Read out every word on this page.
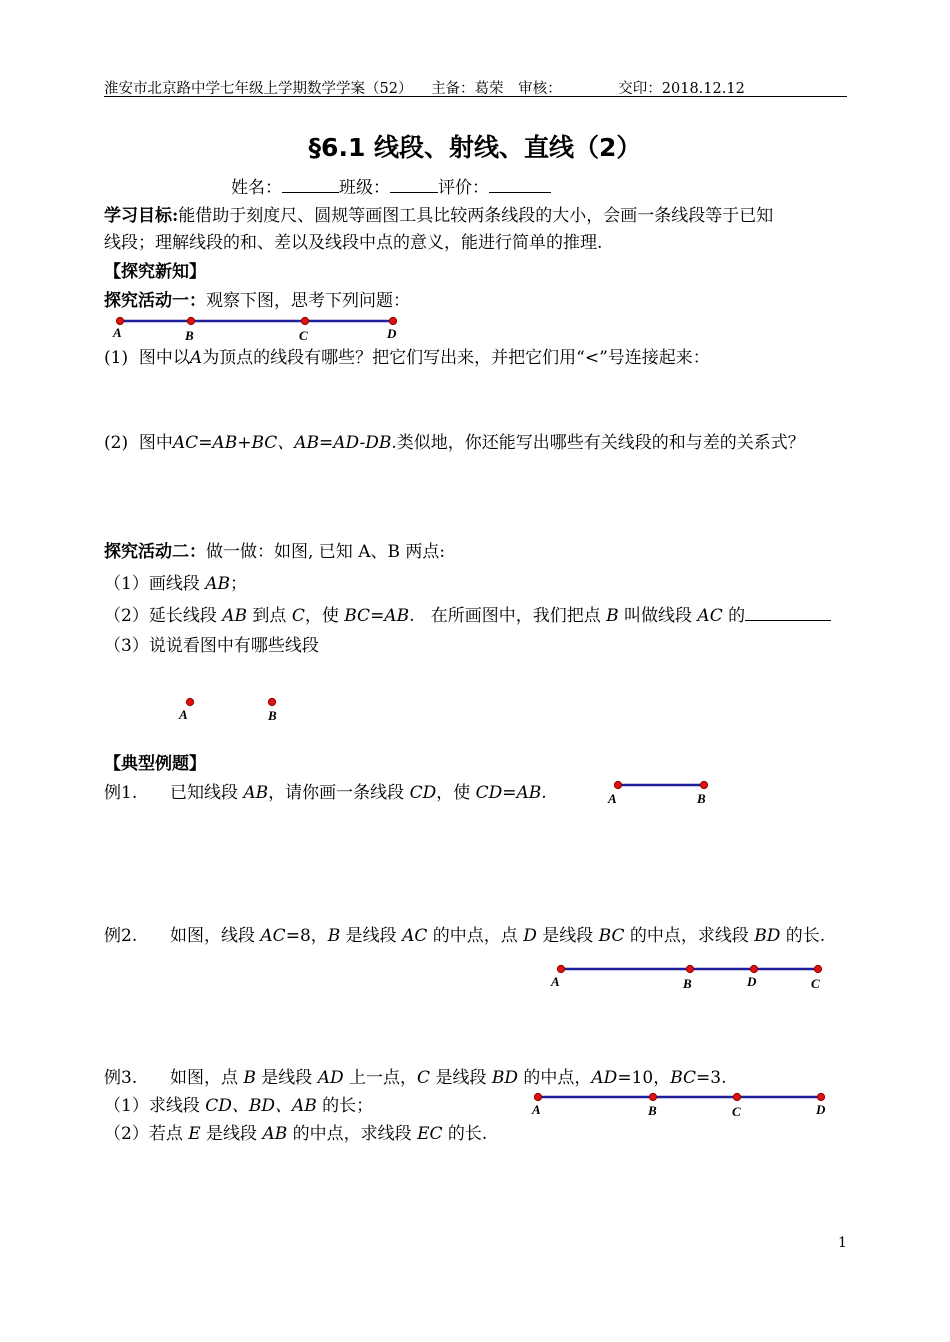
淮安市北京路中学七年级上学期数学学案（52） 主备：葛荣 审核：	交印：2018.12.12
§6.1 线段、射线、直线（2）
姓名：	班级：	评价：
学习目标:能借助于刻度尺、圆规等画图工具比较两条线段的大小，会画一条线段等于已知
线段；理解线段的和、差以及线段中点的意义，能进行简单的推理.
【探究新知】
探究活动一：观察下图，思考下列问题：
A	B	C	D
(1) 图中以A为顶点的线段有哪些？把它们写出来，并把它们用“<”号连接起来：
(2) 图中AC=AB+BC、AB=AD-DB.类似地，你还能写出哪些有关线段的和与差的关系式？
探究活动二：做一做：如图, 已知 A、B 两点:
（1）画线段 AB；
（2）延长线段 AB 到点 C，使 BC=AB.   在所画图中，我们把点 B 叫做线段 AC 的
（3）说说看图中有哪些线段
A	B
【典型例题】
例1. 已知线段 AB，请你画一条线段 CD，使 CD=AB.	A	B
例2. 如图，线段 AC=8，B 是线段 AC 的中点，点 D 是线段 BC 的中点，求线段 BD 的长.
A	B	D	C
例3. 如图，点 B 是线段 AD 上一点，C 是线段 BD 的中点，AD=10，BC=3.
（1）求线段 CD、BD、AB 的长；
（2）若点 E 是线段 AB 的中点，求线段 EC 的长.
A	B	C	D
1
